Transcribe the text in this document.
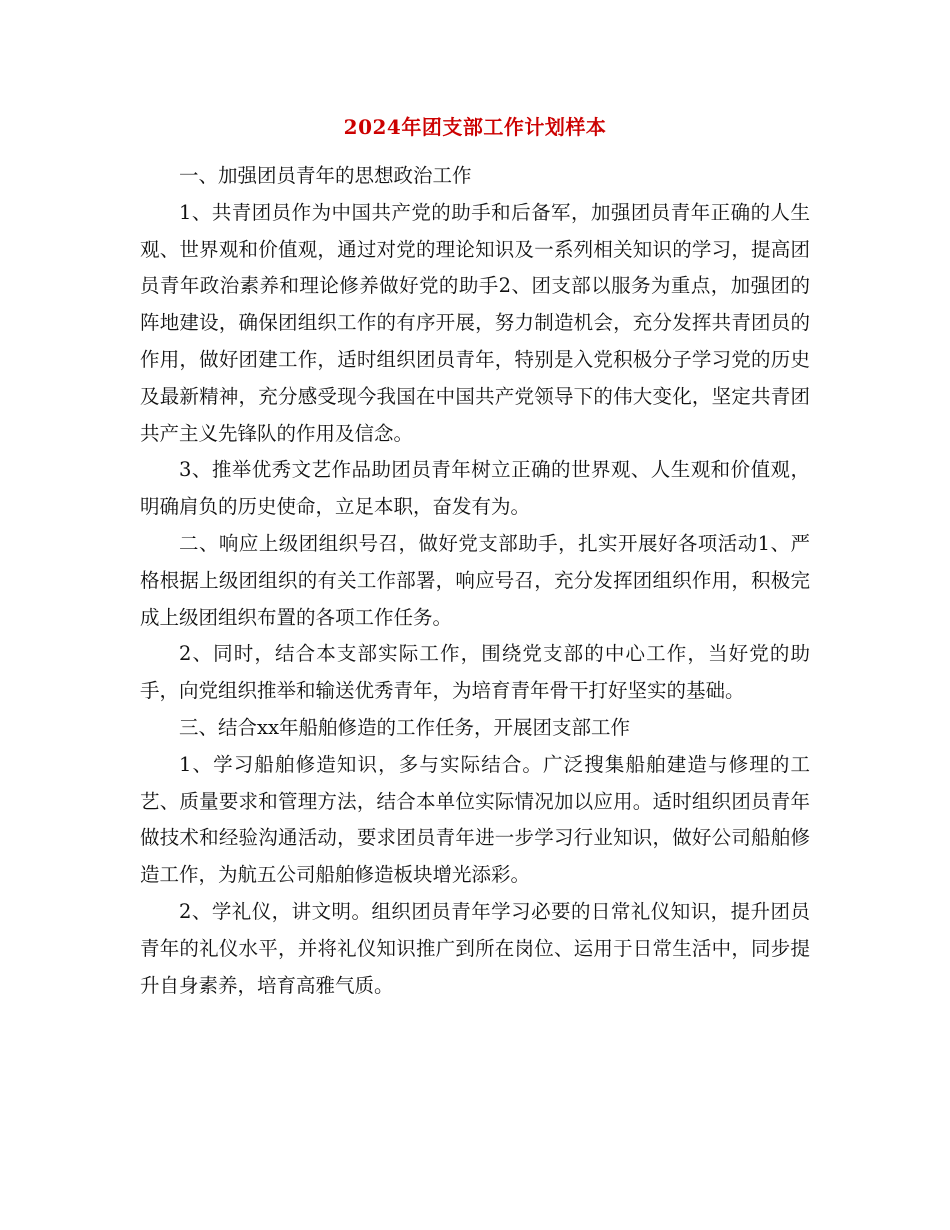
2024年团支部工作计划样本

一、加强团员青年的思想政治工作

1、共青团员作为中国共产党的助手和后备军，加强团员青年正确的人生观、世界观和价值观，通过对党的理论知识及一系列相关知识的学习，提高团员青年政治素养和理论修养做好党的助手2、团支部以服务为重点，加强团的阵地建设，确保团组织工作的有序开展，努力制造机会，充分发挥共青团员的作用，做好团建工作，适时组织团员青年，特别是入党积极分子学习党的历史及最新精神，充分感受现今我国在中国共产党领导下的伟大变化，坚定共青团共产主义先锋队的作用及信念。

3、推举优秀文艺作品助团员青年树立正确的世界观、人生观和价值观，明确肩负的历史使命，立足本职，奋发有为。

二、响应上级团组织号召，做好党支部助手，扎实开展好各项活动1、严格根据上级团组织的有关工作部署，响应号召，充分发挥团组织作用，积极完成上级团组织布置的各项工作任务。

2、同时，结合本支部实际工作，围绕党支部的中心工作，当好党的助手，向党组织推举和输送优秀青年，为培育青年骨干打好坚实的基础。

三、结合xx年船舶修造的工作任务，开展团支部工作

1、学习船舶修造知识，多与实际结合。广泛搜集船舶建造与修理的工艺、质量要求和管理方法，结合本单位实际情况加以应用。适时组织团员青年做技术和经验沟通活动，要求团员青年进一步学习行业知识，做好公司船舶修造工作，为航五公司船舶修造板块增光添彩。

2、学礼仪，讲文明。组织团员青年学习必要的日常礼仪知识，提升团员青年的礼仪水平，并将礼仪知识推广到所在岗位、运用于日常生活中，同步提升自身素养，培育高雅气质。
